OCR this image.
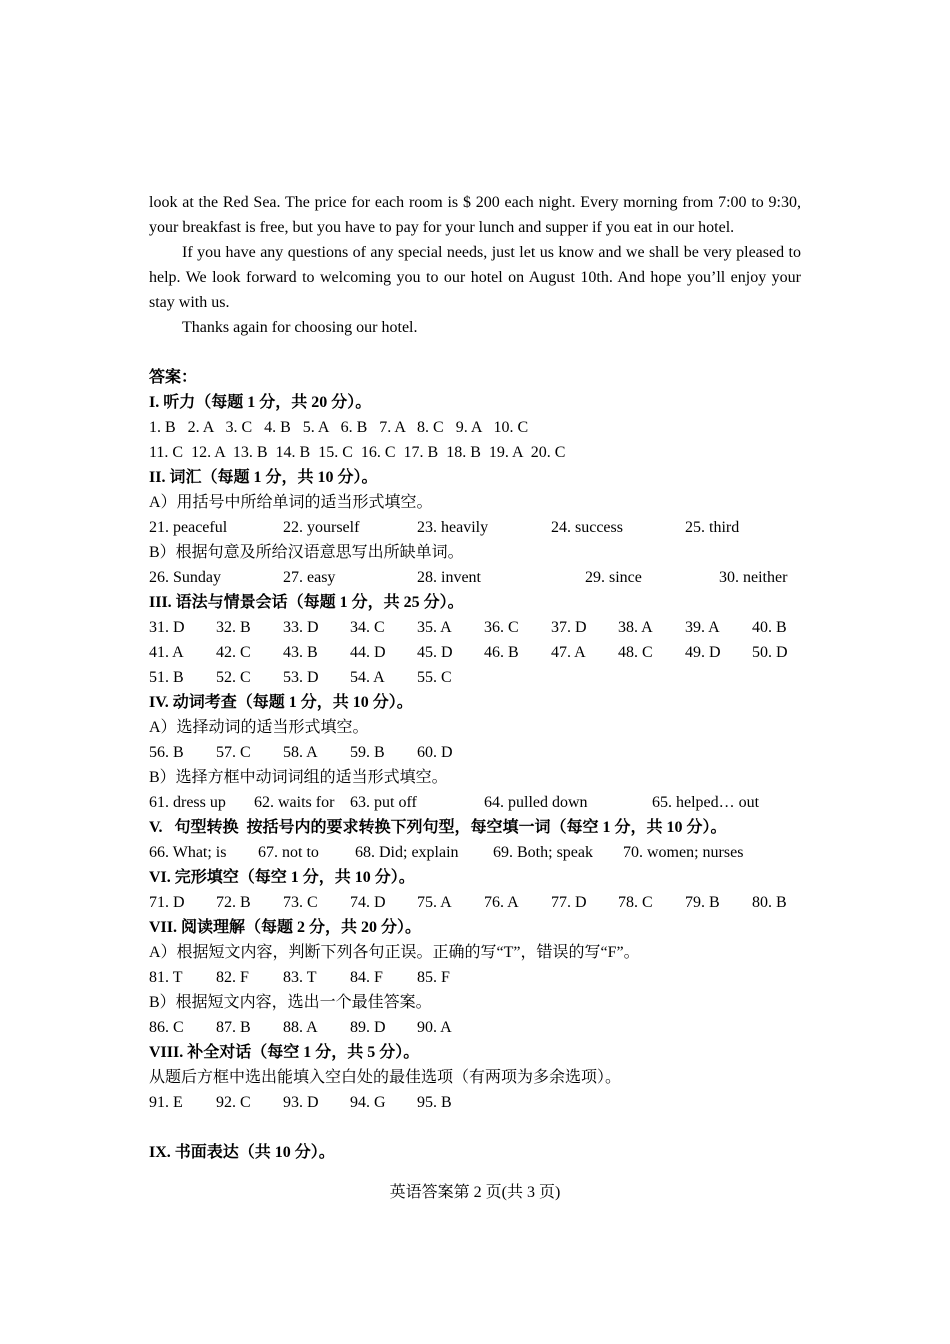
look at the Red Sea. The price for each room is $ 200 each night. Every morning from 7:00 to 9:30, your breakfast is free, but you have to pay for your lunch and supper if you eat in our hotel.

If you have any questions of any special needs, just let us know and we shall be very pleased to help. We look forward to welcoming you to our hotel on August 10th. And hope you’ll enjoy your stay with us.

Thanks again for choosing our hotel.

答案：
I. 听力（每题 1 分，共 20 分）。
1. B   2. A   3. C   4. B   5. A   6. B   7. A   8. C   9. A   10. C
11. C  12. A  13. B  14. B  15. C  16. C  17. B  18. B  19. A  20. C
II. 词汇（每题 1 分，共 10 分）。
A）用括号中所给单词的适当形式填空。
21. peaceful	22. yourself	23. heavily	24. success	25. third
B）根据句意及所给汉语意思写出所缺单词。
26. Sunday	27. easy	28. invent	29. since	30. neither
III. 语法与情景会话（每题 1 分，共 25 分）。
31. D 32. B 33. D 34. C 35. A 36. C 37. D 38. A 39. A 40. B
41. A 42. C 43. B 44. D 45. D 46. B 47. A 48. C 49. D 50. D
51. B 52. C 53. D 54. A 55. C
IV. 动词考查（每题 1 分，共 10 分）。
A）选择动词的适当形式填空。
56. B 57. C 58. A 59. B 60. D
B）选择方框中动词词组的适当形式填空。
61. dress up 62. waits for 63. put off	64. pulled down	65. helped… out
V.   句型转换  按括号内的要求转换下列句型，每空填一词（每空 1 分，共 10 分）。
66. What; is 67. not to 68. Did; explain 69. Both; speak 70. women; nurses
VI. 完形填空（每空 1 分，共 10 分）。
71. D 72. B 73. C 74. D 75. A 76. A 77. D 78. C 79. B 80. B
VII. 阅读理解（每题 2 分，共 20 分）。
A）根据短文内容，判断下列各句正误。正确的写“T”，错误的写“F”。
81. T 82. F 83. T 84. F 85. F
B）根据短文内容，选出一个最佳答案。
86. C 87. B 88. A 89. D 90. A
VIII. 补全对话（每空 1 分，共 5 分）。
从题后方框中选出能填入空白处的最佳选项（有两项为多余选项）。
91. E 92. C 93. D 94. G 95. B
IX. 书面表达（共 10 分）。
英语答案第 2 页(共 3 页)
